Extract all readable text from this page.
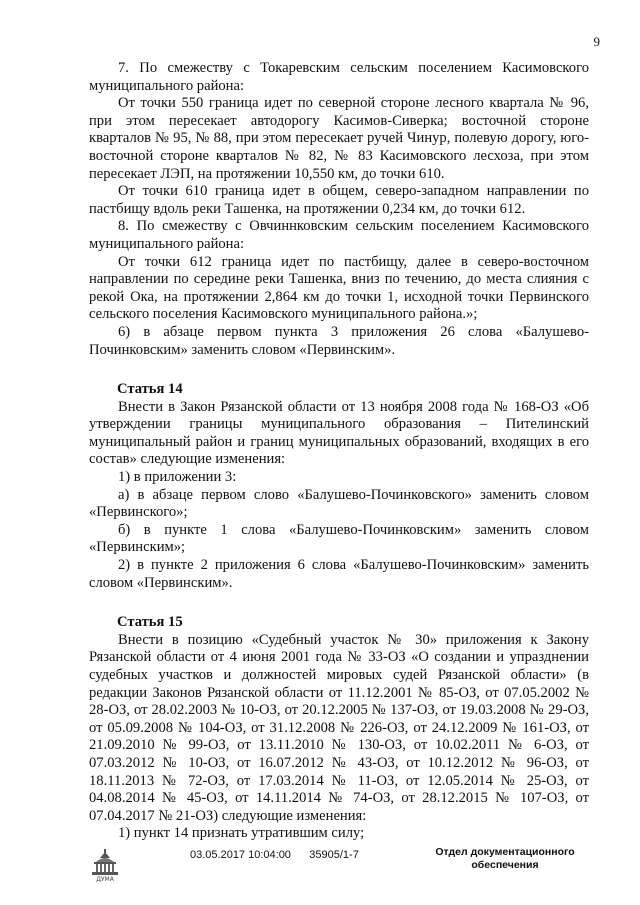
9

7. По смежеству с Токаревским сельским поселением Касимовского муниципального района:

От точки 550 граница идет по северной стороне лесного квартала № 96, при этом пересекает автодорогу Касимов-Сиверка; восточной стороне кварталов № 95, № 88, при этом пересекает ручей Чинур, полевую дорогу, юго-восточной стороне кварталов № 82, № 83 Касимовского лесхоза, при этом пересекает ЛЭП, на протяжении 10,550 км, до точки 610.

От точки 610 граница идет в общем, северо-западном направлении по пастбищу вдоль реки Ташенка, на протяжении 0,234 км, до точки 612.

8. По смежеству с Овчиннковским сельским поселением Касимовского муниципального района:

От точки 612 граница идет по пастбищу, далее в северо-восточном направлении по середине реки Ташенка, вниз по течению, до места слияния с рекой Ока, на протяжении 2,864 км до точки 1, исходной точки Первинского сельского поселения Касимовского муниципального района.»;

6) в абзаце первом пункта 3 приложения 26 слова «Балушево-Починковским» заменить словом «Первинским».

Статья 14

Внести в Закон Рязанской области от 13 ноября 2008 года № 168-ОЗ «Об утверждении границы муниципального образования – Пителинский муниципальный район и границ муниципальных образований, входящих в его состав» следующие изменения:

1) в приложении 3:

а) в абзаце первом слово «Балушево-Починковского» заменить словом «Первинского»;

б) в пункте 1 слова «Балушево-Починковским» заменить словом «Первинским»;

2) в пункте 2 приложения 6 слова «Балушево-Починковским» заменить словом «Первинским».

Статья 15

Внести в позицию «Судебный участок № 30» приложения к Закону Рязанской области от 4 июня 2001 года № 33-ОЗ «О создании и упразднении судебных участков и должностей мировых судей Рязанской области» (в редакции Законов Рязанской области от 11.12.2001 № 85-ОЗ, от 07.05.2002 № 28-ОЗ, от 28.02.2003 № 10-ОЗ, от 20.12.2005 № 137-ОЗ, от 19.03.2008 № 29-ОЗ, от 05.09.2008 № 104-ОЗ, от 31.12.2008 № 226-ОЗ, от 24.12.2009 № 161-ОЗ, от 21.09.2010 № 99-ОЗ, от 13.11.2010 № 130-ОЗ, от 10.02.2011 № 6-ОЗ, от 07.03.2012 № 10-ОЗ, от 16.07.2012 № 43-ОЗ, от 10.12.2012 № 96-ОЗ, от 18.11.2013 № 72-ОЗ, от 17.03.2014 № 11-ОЗ, от 12.05.2014 № 25-ОЗ, от 04.08.2014 № 45-ОЗ, от 14.11.2014 № 74-ОЗ, от 28.12.2015 № 107-ОЗ, от 07.04.2017 № 21-ОЗ) следующие изменения:

1) пункт 14 признать утратившим силу;

ДУМА
03.05.2017 10:04:00 35905/1-7	Отдел документационного
обеспечения
